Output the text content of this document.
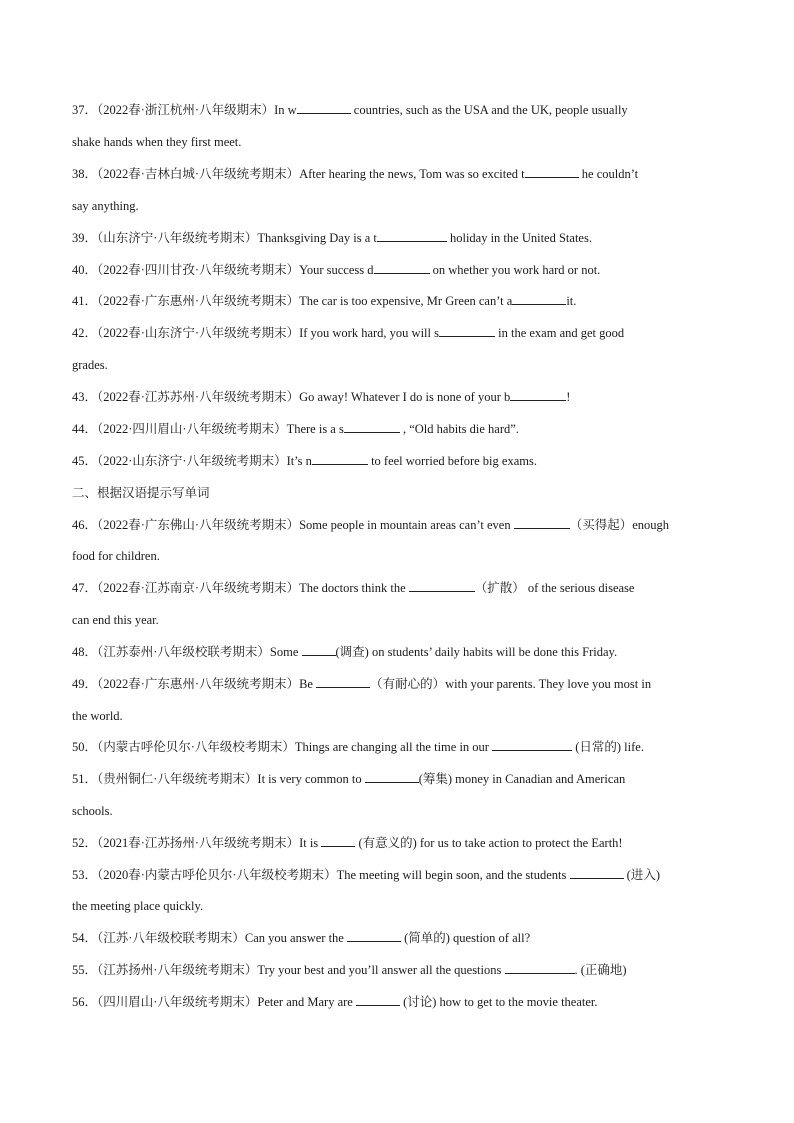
37．（2022春·浙江杭州·八年级期末）In w	countries, such as the USA and the UK, people usually
shake hands when they first meet.
38．（2022春·吉林白城·八年级统考期末）After hearing the news, Tom was so excited t	he couldn’t
say anything.
39．（山东济宁·八年级统考期末）Thanksgiving Day is a t	holiday in the United States.
40．（2022春·四川甘孜·八年级统考期末）Your success d	on whether you work hard or not.
41．（2022春·广东惠州·八年级统考期末）The car is too expensive, Mr Green can’t a	it.
42．（2022春·山东济宁·八年级统考期末）If you work hard, you will s	in the exam and get good
grades.
43．（2022春·江苏苏州·八年级统考期末）Go away! Whatever I do is none of your b	!
44．（2022·四川眉山·八年级统考期末）There is a s	, “Old habits die hard”.
45．（2022·山东济宁·八年级统考期末）It’s n	to feel worried before big exams.
二、根据汉语提示写单词
46．（2022春·广东佛山·八年级统考期末）Some people in mountain areas can’t even	（买得起）enough
food for children.
47．（2022春·江苏南京·八年级统考期末）The doctors think the	（扩散） of the serious disease
can end this year.
48．（江苏泰州·八年级校联考期末）Some	(调查) on students’ daily habits will be done this Friday.
49．（2022春·广东惠州·八年级统考期末）Be	（有耐心的）with your parents. They love you most in
the world.
50．（内蒙古呼伦贝尔·八年级校考期末）Things are changing all the time in our	(日常的) life.
51．（贵州铜仁·八年级统考期末）It is very common to	(筹集) money in Canadian and American
schools.
52．（2021春·江苏扬州·八年级统考期末）It is	(有意义的) for us to take action to protect the Earth!
53．（2020春·内蒙古呼伦贝尔·八年级校考期末）The meeting will begin soon, and the students	(进入)
the meeting place quickly.
54．（江苏·八年级校联考期末）Can you answer the	(简单的) question of all?
55．（江苏扬州·八年级统考期末）Try your best and you’ll answer all the questions	. (正确地)
56．（四川眉山·八年级统考期末）Peter and Mary are	(讨论) how to get to the movie theater.
